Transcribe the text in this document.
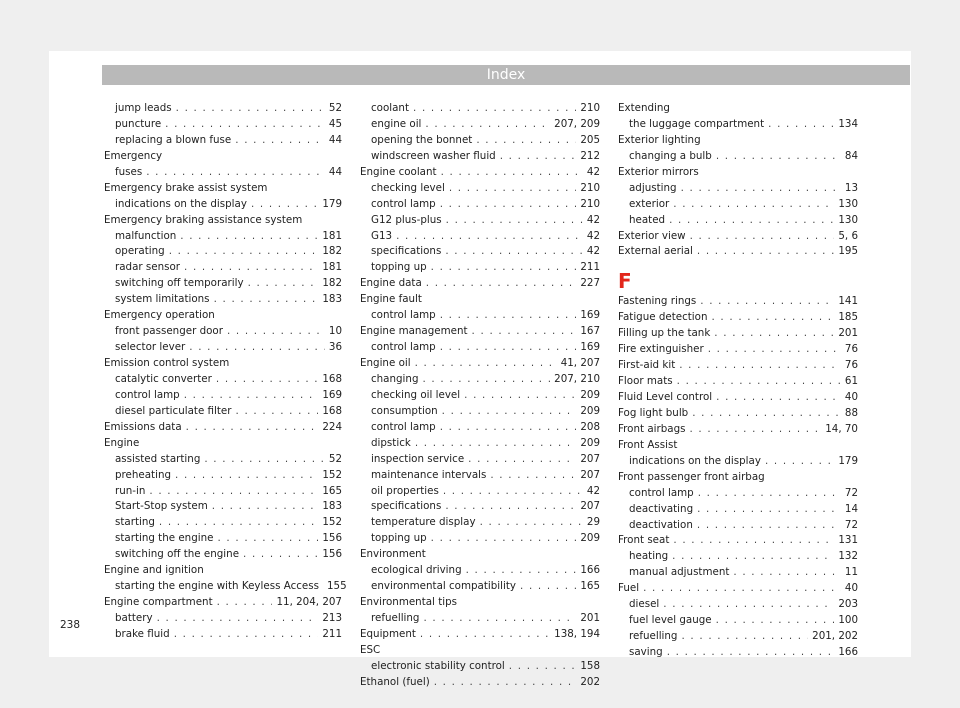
Index
jump leads . . .	52
puncture . . .	45
replacing a blown fuse . . .	44
Emergency
fuses . . .	44
Emergency brake assist system
indications on the display . . .	179
Emergency braking assistance system
malfunction . . .	181
operating . . .	182
radar sensor . . .	181
switching off temporarily . . .	182
system limitations . . .	183
Emergency operation
front passenger door . . .	10
selector lever . . .	36
Emission control system
catalytic converter . . .	168
control lamp . . .	169
diesel particulate filter . . .	168
Emissions data . . .	224
Engine
assisted starting . . .	52
preheating . . .	152
run-in . . .	165
Start-Stop system . . .	183
starting . . .	152
starting the engine . . .	156
switching off the engine . . .	156
Engine and ignition
starting the engine with Keyless Access 155
Engine compartment . . .	11, 204, 207
battery . . .	213
brake fluid . . .	211
coolant . . .	210
engine oil . . .	207, 209
opening the bonnet . . .	205
windscreen washer fluid . . .	212
Engine coolant . . .	42
checking level . . .	210
control lamp . . .	210
G12 plus-plus . . .	42
G13 . . .	42
specifications . . .	42
topping up . . .	211
Engine data . . .	227
Engine fault
control lamp . . .	169
Engine management . . .	167
control lamp . . .	169
Engine oil . . .	41, 207
changing . . .	207, 210
checking oil level . . .	209
consumption . . .	209
control lamp . . .	208
dipstick . . .	209
inspection service . . .	207
maintenance intervals . . .	207
oil properties . . .	42
specifications . . .	207
temperature display . . .	29
topping up . . .	209
Environment
ecological driving . . .	166
environmental compatibility . . .	165
Environmental tips
refuelling . . .	201
Equipment . . .	138, 194
ESC
electronic stability control . . .	158
Ethanol (fuel) . . .	202
Extending
the luggage compartment . . .	134
Exterior lighting
changing a bulb . . .	84
Exterior mirrors
adjusting . . .	13
exterior . . .	130
heated . . .	130
Exterior view . . .	5, 6
External aerial . . .	195
F
Fastening rings . . .	141
Fatigue detection . . .	185
Filling up the tank . . .	201
Fire extinguisher . . .	76
First-aid kit . . .	76
Floor mats . . .	61
Fluid Level control . . .	40
Fog light bulb . . .	88
Front airbags . . .	14, 70
Front Assist
indications on the display . . .	179
Front passenger front airbag
control lamp . . .	72
deactivating . . .	14
deactivation . . .	72
Front seat . . .	131
heating . . .	132
manual adjustment . . .	11
Fuel . . .	40
diesel . . .	203
fuel level gauge . . .	100
refuelling . . .	201, 202
saving . . .	166
238
